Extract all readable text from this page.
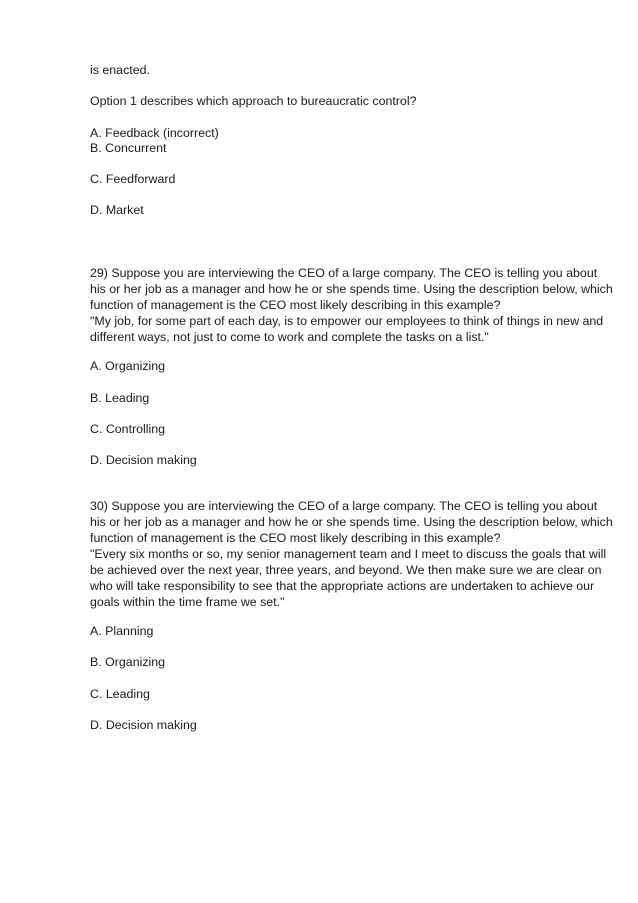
is enacted.

Option 1 describes which approach to bureaucratic control?

A. Feedback (incorrect)

B. Concurrent

C. Feedforward

D. Market

29) Suppose you are interviewing the CEO of a large company. The CEO is telling you about

his or her job as a manager and how he or she spends time. Using the description below, which

function of management is the CEO most likely describing in this example?

"My job, for some part of each day, is to empower our employees to think of things in new and

different ways, not just to come to work and complete the tasks on a list."

A. Organizing

B. Leading

C. Controlling

D. Decision making

30) Suppose you are interviewing the CEO of a large company. The CEO is telling you about

his or her job as a manager and how he or she spends time. Using the description below, which

function of management is the CEO most likely describing in this example?

"Every six months or so, my senior management team and I meet to discuss the goals that will

be achieved over the next year, three years, and beyond. We then make sure we are clear on

who will take responsibility to see that the appropriate actions are undertaken to achieve our

goals within the time frame we set."

A. Planning

B. Organizing

C. Leading

D. Decision making
